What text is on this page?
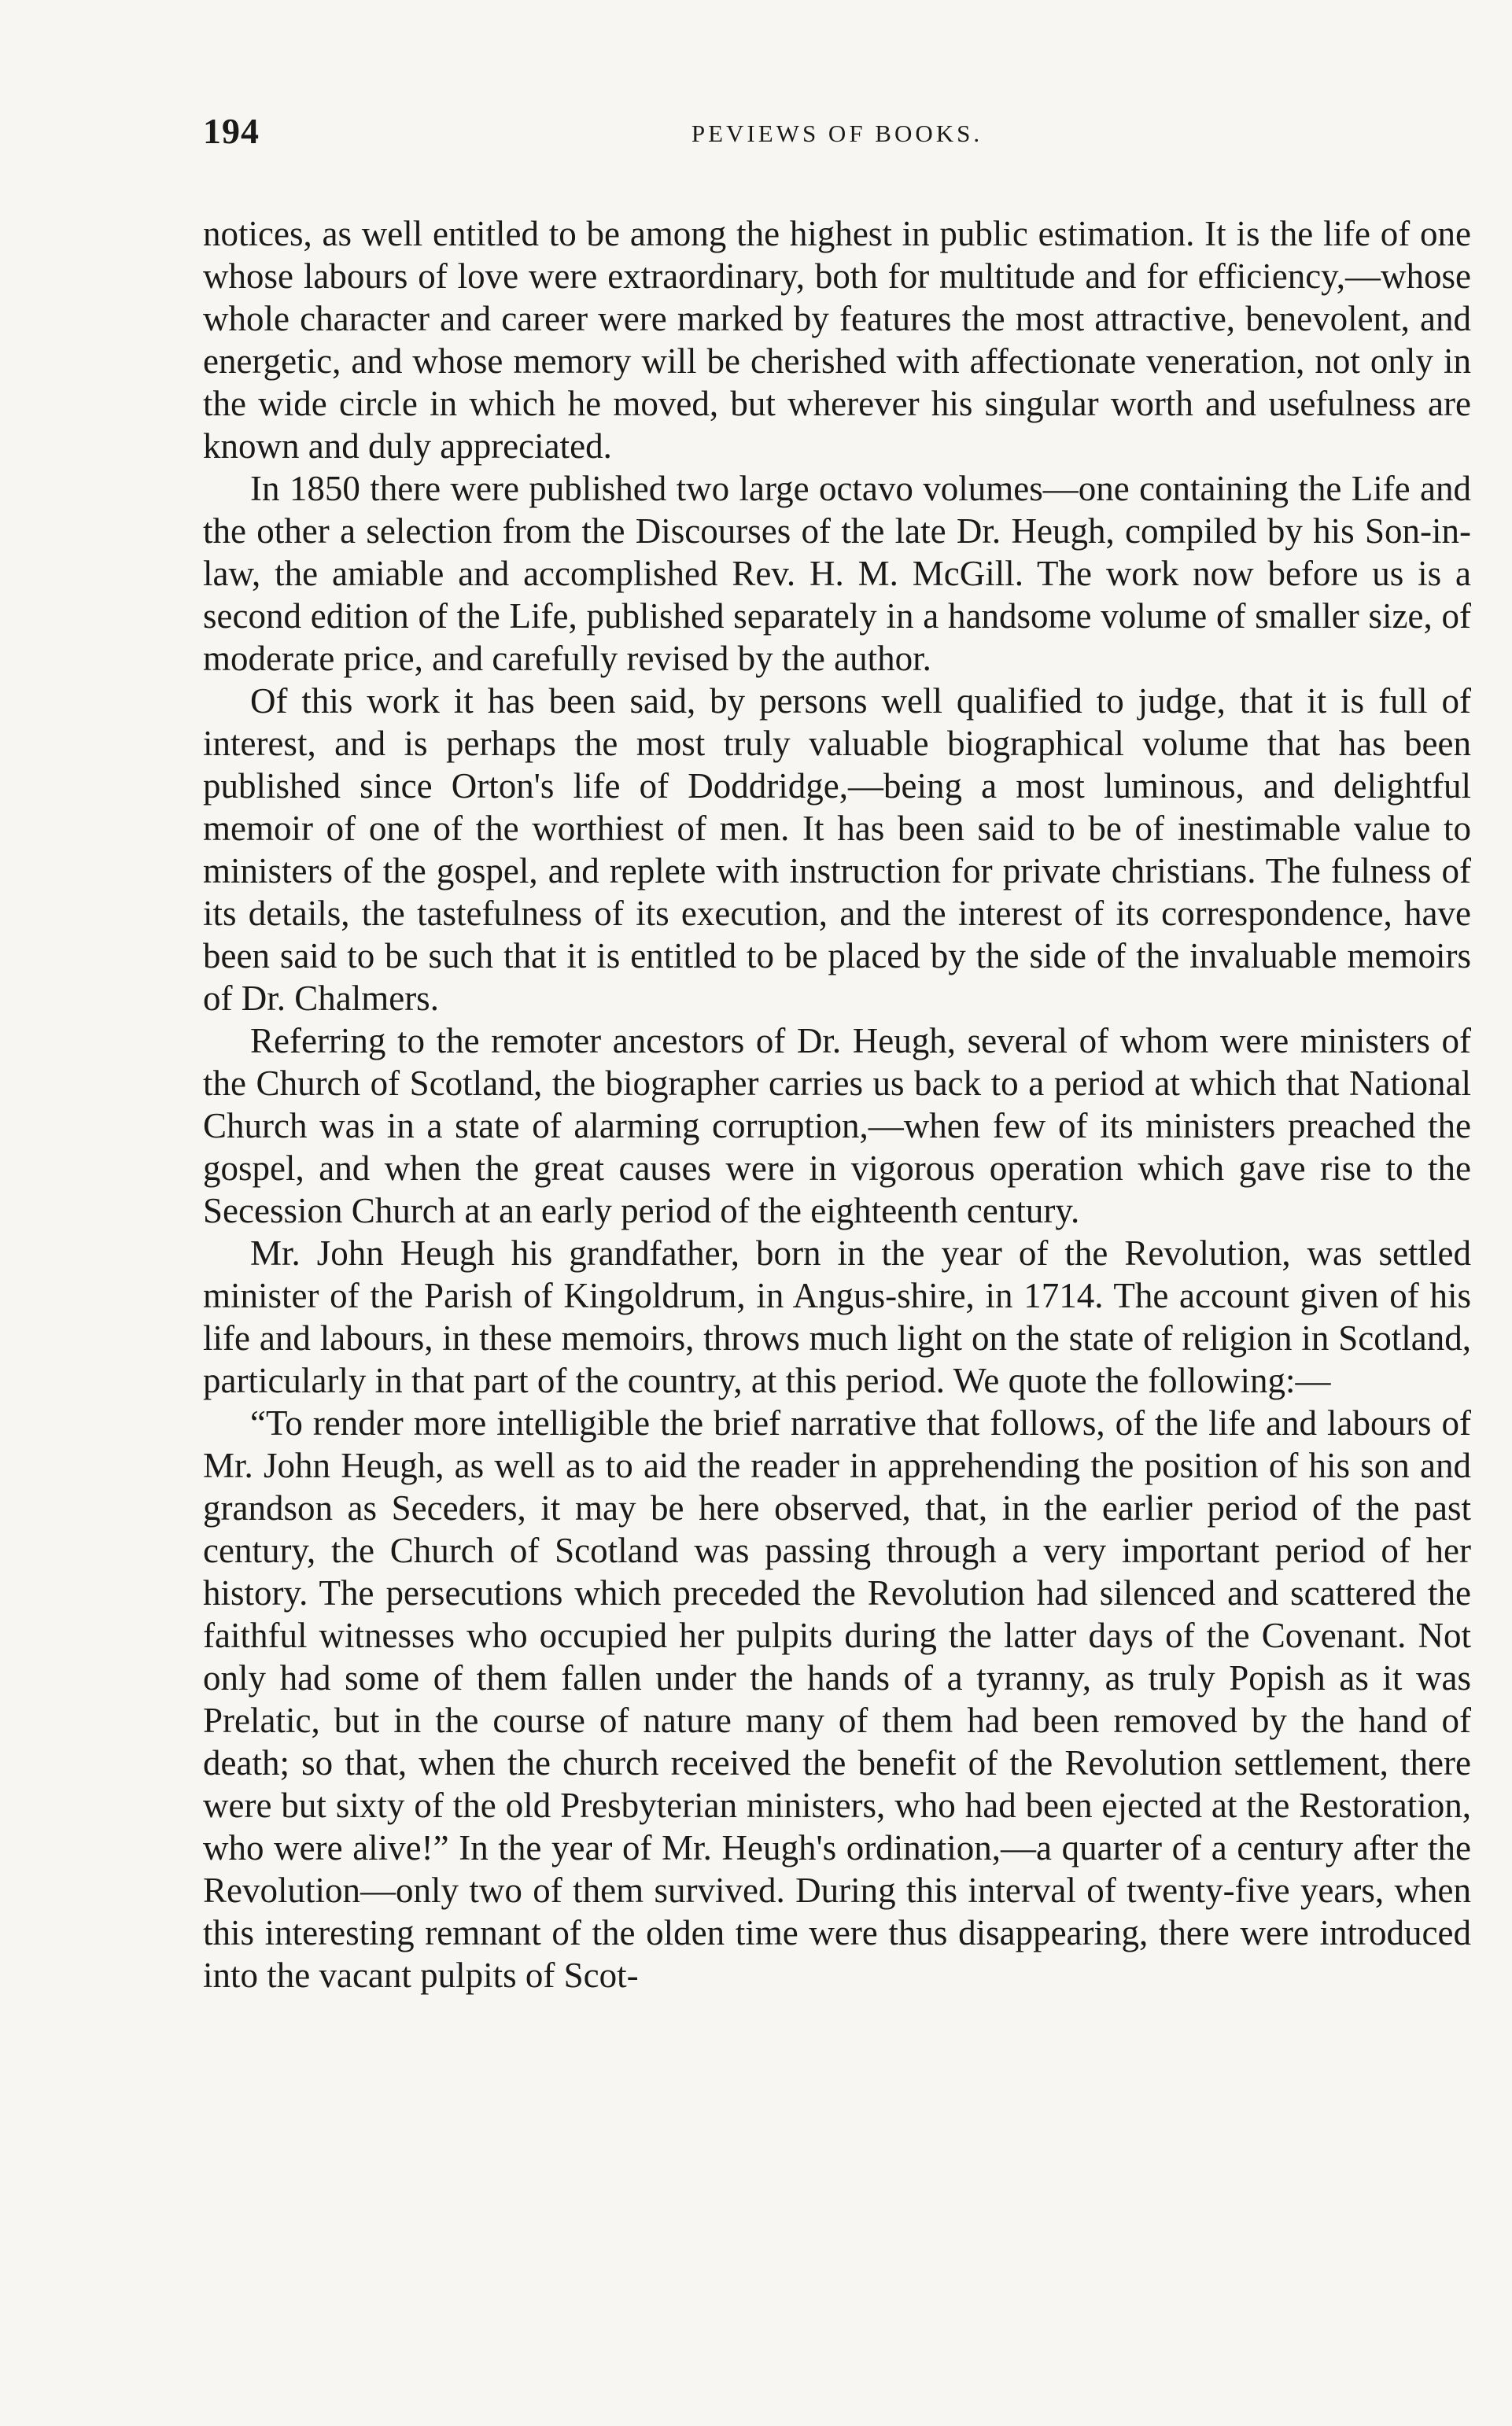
194	PEVIEWS OF BOOKS.

notices, as well entitled to be among the highest in public estimation. It is the life of one whose labours of love were extraordinary, both for multitude and for efficiency,—whose whole character and career were marked by features the most attractive, benevolent, and energetic, and whose memory will be cherished with affectionate veneration, not only in the wide circle in which he moved, but wherever his singular worth and usefulness are known and duly appreciated.

In 1850 there were published two large octavo volumes—one containing the Life and the other a selection from the Discourses of the late Dr. Heugh, compiled by his Son-in-law, the amiable and accomplished Rev. H. M. McGill. The work now before us is a second edition of the Life, published separately in a handsome volume of smaller size, of moderate price, and carefully revised by the author.

Of this work it has been said, by persons well qualified to judge, that it is full of interest, and is perhaps the most truly valuable biographical volume that has been published since Orton's life of Doddridge,—being a most luminous, and delightful memoir of one of the worthiest of men. It has been said to be of inestimable value to ministers of the gospel, and replete with instruction for private christians. The fulness of its details, the tastefulness of its execution, and the interest of its correspondence, have been said to be such that it is entitled to be placed by the side of the invaluable memoirs of Dr. Chalmers.

Referring to the remoter ancestors of Dr. Heugh, several of whom were ministers of the Church of Scotland, the biographer carries us back to a period at which that National Church was in a state of alarming corruption,—when few of its ministers preached the gospel, and when the great causes were in vigorous operation which gave rise to the Secession Church at an early period of the eighteenth century.

Mr. John Heugh his grandfather, born in the year of the Revolution, was settled minister of the Parish of Kingoldrum, in Angus-shire, in 1714. The account given of his life and labours, in these memoirs, throws much light on the state of religion in Scotland, particularly in that part of the country, at this period. We quote the following:—

“To render more intelligible the brief narrative that follows, of the life and labours of Mr. John Heugh, as well as to aid the reader in apprehending the position of his son and grandson as Seceders, it may be here observed, that, in the earlier period of the past century, the Church of Scotland was passing through a very important period of her history. The persecutions which preceded the Revolution had silenced and scattered the faithful witnesses who occupied her pulpits during the latter days of the Covenant. Not only had some of them fallen under the hands of a tyranny, as truly Popish as it was Prelatic, but in the course of nature many of them had been removed by the hand of death; so that, when the church received the benefit of the Revolution settlement, there were but sixty of the old Presbyterian ministers, who had been ejected at the Restoration, who were alive!” In the year of Mr. Heugh's ordination,—a quarter of a century after the Revolution—only two of them survived. During this interval of twenty-five years, when this interesting remnant of the olden time were thus disappearing, there were introduced into the vacant pulpits of Scot-
